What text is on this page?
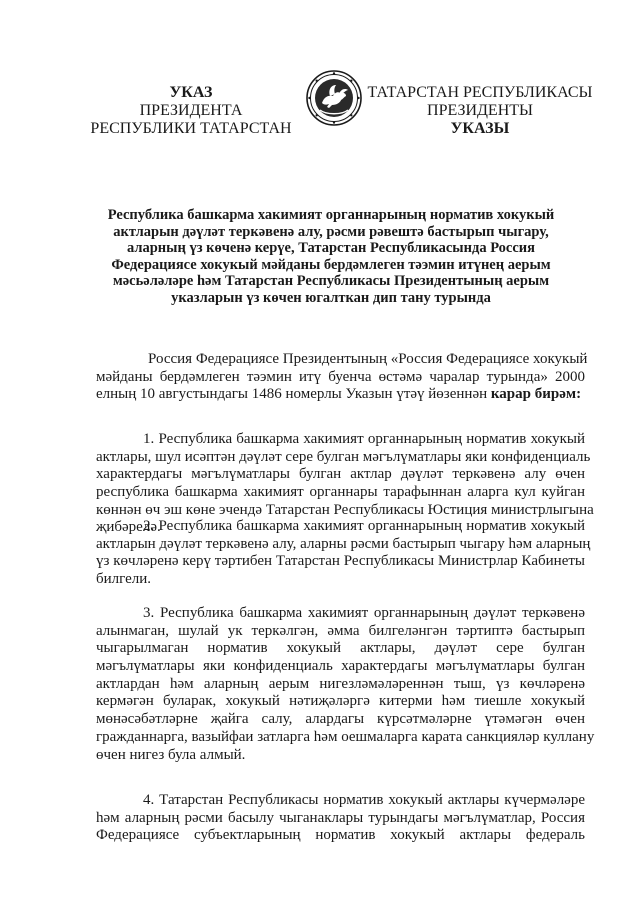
УКАЗ
ПРЕЗИДЕНТА
РЕСПУБЛИКИ ТАТАРСТАН
ТАТАРСТАН РЕСПУБЛИКАСЫ
ПРЕЗИДЕНТЫ
УКАЗЫ
Республика башкарма хакимият органнарының норматив хокукый
актларын дәүләт теркәвенә алу, рәсми рәвештә бастырып чыгару,
аларның үз көченә керүе, Татарстан Республикасында Россия
Федерациясе хокукый мәйданы бердәмлеген тәэмин итүнең аерым
мәсьәләләре һәм Татарстан Республикасы Президентының аерым
указларын үз көчен югалткан дип тану турында
Россия Федерациясе Президентының «Россия Федерациясе хокукый
мәйданы бердәмлеген тәэмин итү буенча өстәмә чаралар турында» 2000
елның 10 августындагы 1486 номерлы Указын үтәү йөзеннән карар бирәм:
1. Республика башкарма хакимият органнарының норматив хокукый
актлары, шул исәптән дәүләт сере булган мәгълүматлары яки конфиденциаль
характердагы мәгълүматлары булган актлар дәүләт теркәвенә алу өчен
республика башкарма хакимият органнары тарафыннан аларга кул куйган
көннән өч эш көне эчендә Татарстан Республикасы Юстиция министрлыгына
җибәрелә.
2. Республика башкарма хакимият органнарының норматив хокукый
актларын дәүләт теркәвенә алу, аларны рәсми бастырып чыгару һәм аларның
үз көчләренә керү тәртибен Татарстан Республикасы Министрлар Кабинеты
билгели.
3. Республика башкарма хакимият органнарының дәүләт теркәвенә
алынмаган, шулай ук теркәлгән, әмма билгеләнгән тәртиптә бастырып
чыгарылмаган норматив хокукый актлары, дәүләт сере булган
мәгълүматлары яки конфиденциаль характердагы мәгълүматлары булган
актлардан һәм аларның аерым нигезләмәләреннән тыш, үз көчләренә
кермәгән буларак, хокукый нәтиҗәләргә китерми һәм тиешле хокукый
мөнәсәбәтләрне җайга салу, алардагы күрсәтмәләрне үтәмәгән өчен
гражданнарга, вазыйфаи затларга һәм оешмаларга карата санкцияләр куллану
өчен нигез була алмый.
4. Татарстан Республикасы норматив хокукый актлары күчермәләре
һәм аларның рәсми басылу чыганаклары турындагы мәгълүматлар, Россия
Федерациясе субъектларының норматив хокукый актлары федераль
